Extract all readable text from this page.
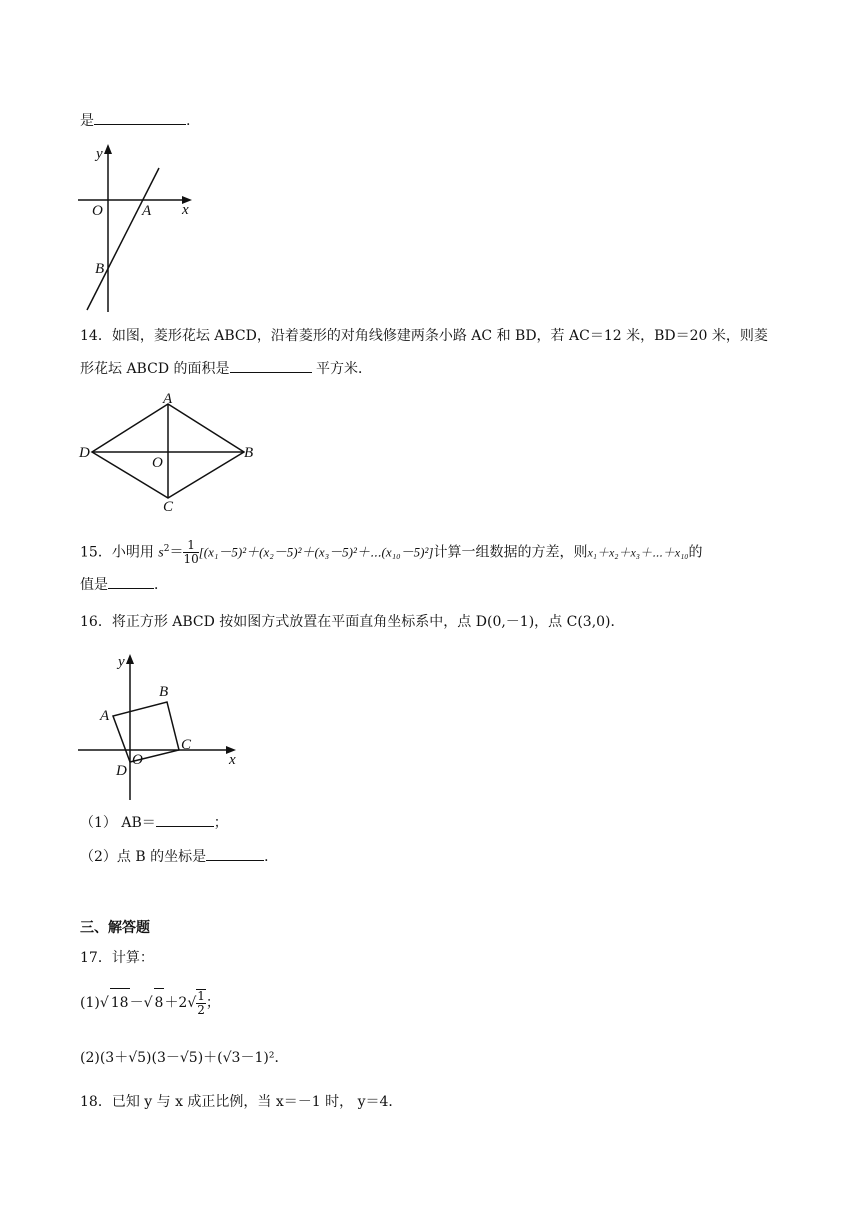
是	.
y
x
O	A
B
14．如图，菱形花坛 ABCD，沿着菱形的对角线修建两条小路 AC 和 BD，若 AC＝12 米，BD＝20 米，则菱
形花坛 ABCD 的面积是	平方米．
A
B
C
D
O
15．小明用 $s^2= \frac{1}{10}$ [(x₁－5)²＋(x₂－5)²＋(x₃－5)²＋⋯(x₁₀－5)²]计算一组数据的方差，则x₁＋x₂＋x₃＋⋯＋x₁₀的
值是	．
16．将正方形 ABCD 按如图方式放置在平面直角坐标系中，点 D(0,－1)，点 C(3,0)．
y
x
O
A
B
C
D
（1） AB＝	；
（2）点 B 的坐标是	．
三、解答题
17．计算：
(1)√ 18－√ $8+2√ \frac{1}{2}$ ；
(2)(3＋√5)(3－√5)＋(√3－1)²．
18．已知 y 与 x 成正比例，当 x＝－1 时， y＝4．
